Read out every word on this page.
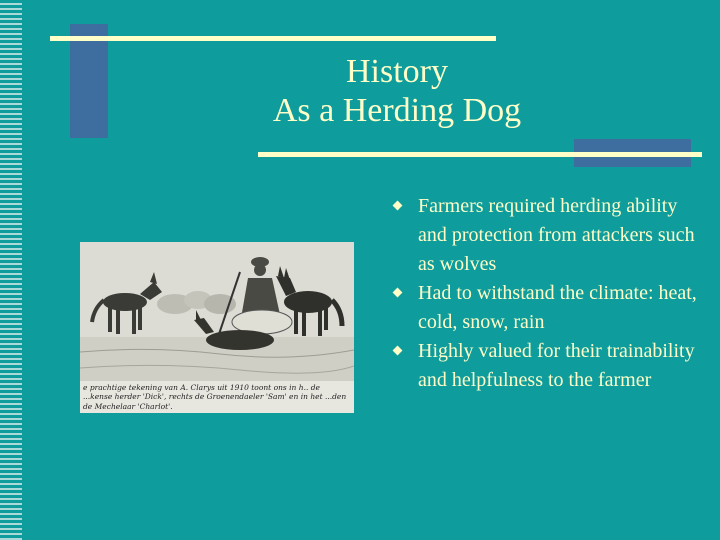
History
As a Herding Dog
e prachtige tekening van A. Clarys uit 1910 toont ons in h.. de ...kense herder 'Dick', rechts de Groenendaeler 'Sam' en in het ...den de Mechelaar 'Charlot'.
Farmers required herding ability and protection from attackers such as wolves
Had to withstand the climate: heat, cold, snow, rain
Highly valued for their trainability and helpfulness to the farmer
